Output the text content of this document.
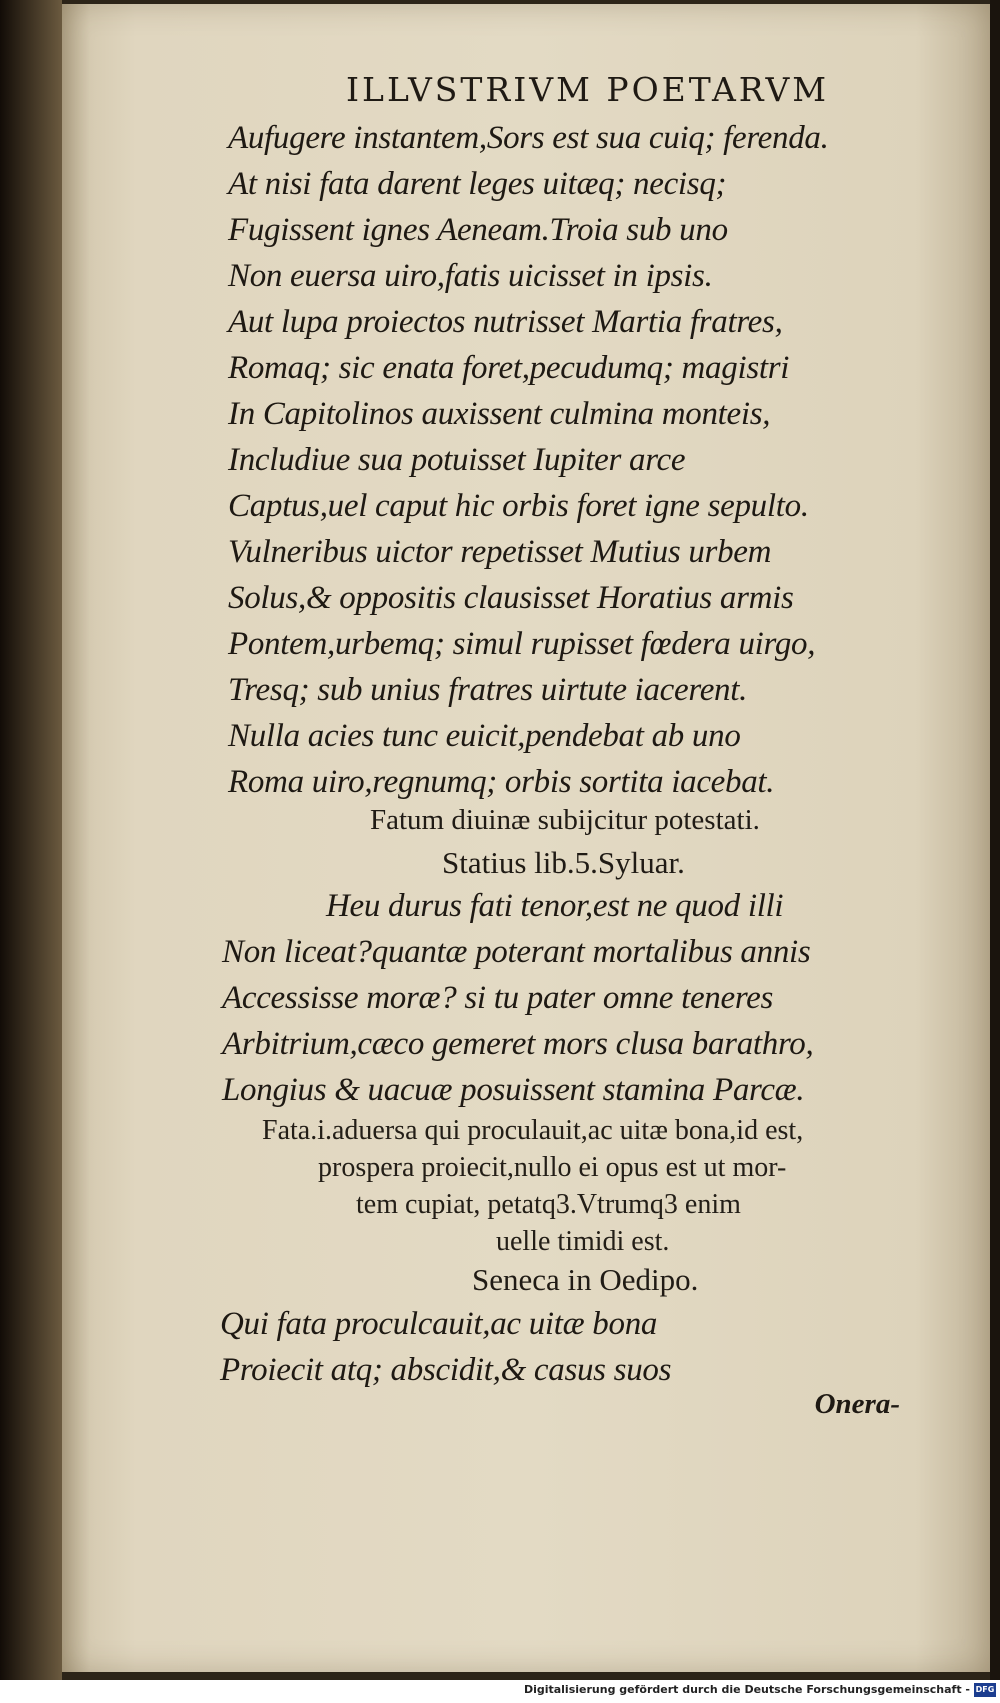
ILLVSTRIVM POETARVM
Aufugere instantem,Sors est sua cuiq; ferenda.
At nisi fata darent leges uitæq; necisq;
Fugissent ignes Aeneam.Troia sub uno
Non euersa uiro,fatis uicisset in ipsis.
Aut lupa proiectos nutrisset Martia fratres,
Romaq; sic enata foret,pecudumq; magistri
In Capitolinos auxissent culmina monteis,
Includiue sua potuisset Iupiter arce
Captus,uel caput hic orbis foret igne sepulto.
Vulneribus uictor repetisset Mutius urbem
Solus,& oppositis clausisset Horatius armis
Pontem,urbemq; simul rupisset fœdera uirgo,
Tresq; sub unius fratres uirtute iacerent.
Nulla acies tunc euicit,pendebat ab uno
Roma uiro,regnumq; orbis sortita iacebat.
Fatum diuinæ subijcitur potestati.
Statius lib.5.Syluar.
Heu durus fati tenor,est ne quod illi
Non liceat?quantæ poterant mortalibus annis
Accessisse moræ? si tu pater omne teneres
Arbitrium,cæco gemeret mors clusa barathro,
Longius & uacuæ posuissent stamina Parcæ.
Fata.i.aduersa qui proculauit,ac uitæ bona,id est,
prospera proiecit,nullo ei opus est ut mor-
tem cupiat, petatq3.Vtrumq3 enim
uelle timidi est.
Seneca in Oedipo.
Qui fata proculcauit,ac uitæ bona
Proiecit atq; abscidit,& casus suos
Onera-
Digitalisierung gefördert durch die Deutsche Forschungsgemeinschaft - DFG
